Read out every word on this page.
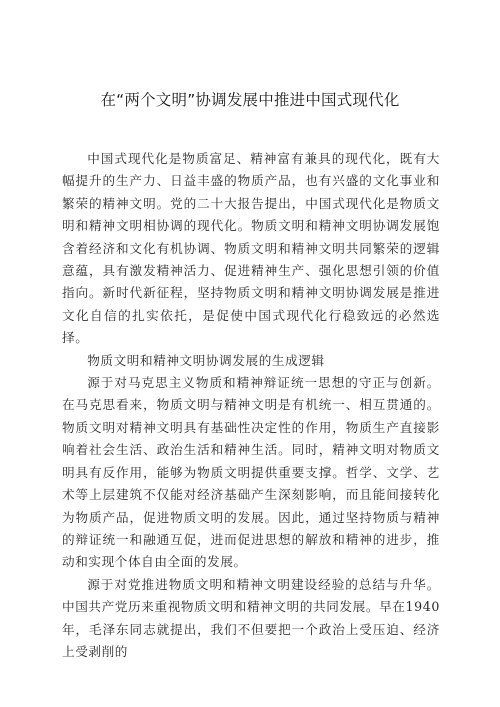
在“两个文明”协调发展中推进中国式现代化

中国式现代化是物质富足、精神富有兼具的现代化，既有大幅提升的生产力、日益丰盛的物质产品，也有兴盛的文化事业和繁荣的精神文明。党的二十大报告提出，中国式现代化是物质文明和精神文明相协调的现代化。物质文明和精神文明协调发展饱含着经济和文化有机协调、物质文明和精神文明共同繁荣的逻辑意蕴，具有激发精神活力、促进精神生产、强化思想引领的价值指向。新时代新征程，坚持物质文明和精神文明协调发展是推进文化自信的扎实依托，是促使中国式现代化行稳致远的必然选择。

物质文明和精神文明协调发展的生成逻辑

源于对马克思主义物质和精神辩证统一思想的守正与创新。在马克思看来，物质文明与精神文明是有机统一、相互贯通的。物质文明对精神文明具有基础性决定性的作用，物质生产直接影响着社会生活、政治生活和精神生活。同时，精神文明对物质文明具有反作用，能够为物质文明提供重要支撑。哲学、文学、艺术等上层建筑不仅能对经济基础产生深刻影响，而且能间接转化为物质产品，促进物质文明的发展。因此，通过坚持物质与精神的辩证统一和融通互促，进而促进思想的解放和精神的进步，推动和实现个体自由全面的发展。

源于对党推进物质文明和精神文明建设经验的总结与升华。中国共产党历来重视物质文明和精神文明的共同发展。早在1940年，毛泽东同志就提出，我们不但要把一个政治上受压迫、经济上受剥削的
